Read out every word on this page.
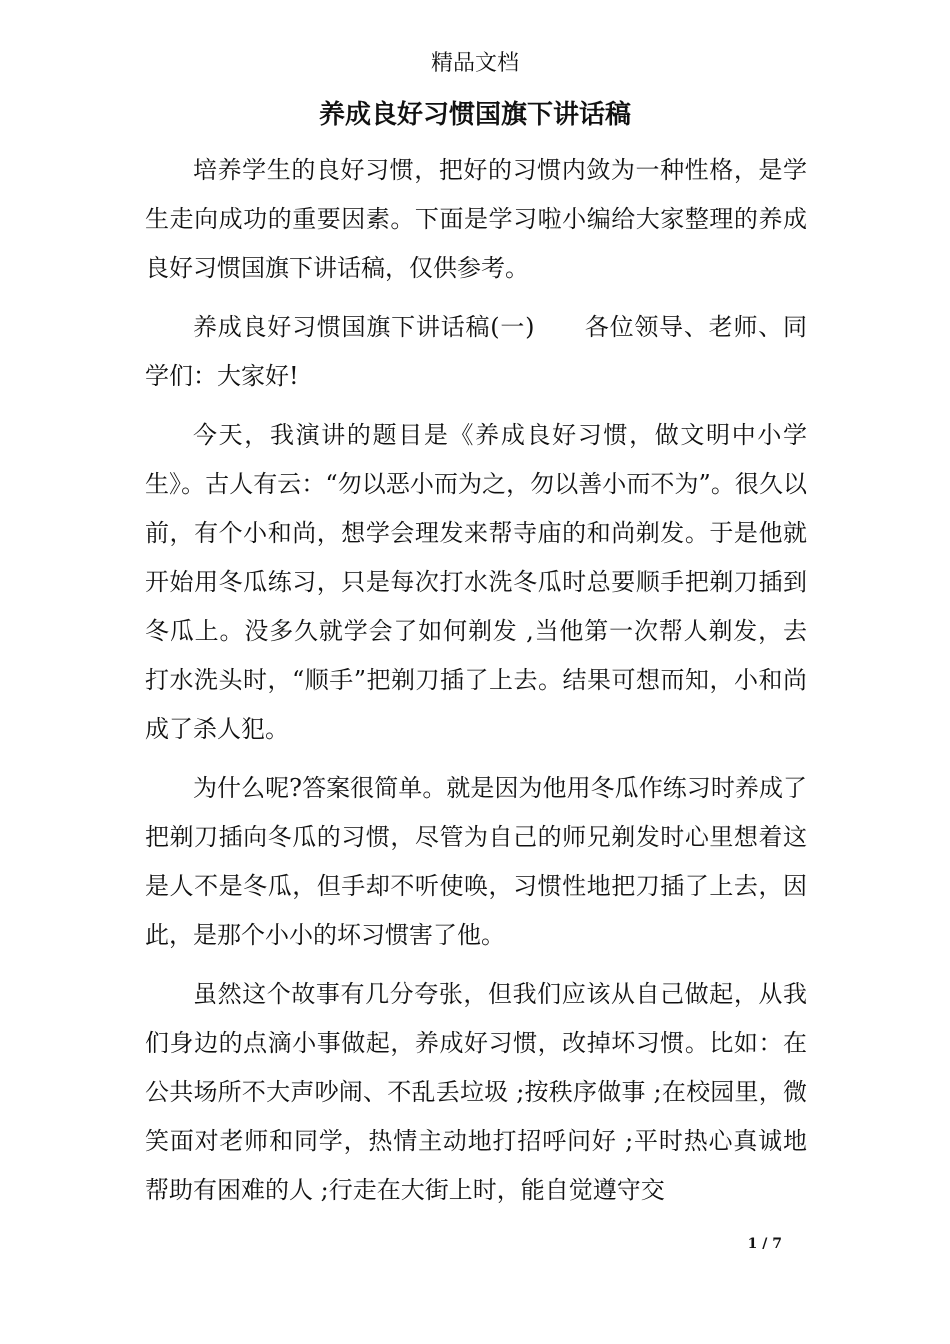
精品文档
养成良好习惯国旗下讲话稿

培养学生的良好习惯，把好的习惯内敛为一种性格，是学生走向成功的重要因素。下面是学习啦小编给大家整理的养成良好习惯国旗下讲话稿，仅供参考。

养成良好习惯国旗下讲话稿(一)　　各位领导、老师、同学们：大家好!

今天，我演讲的题目是《养成良好习惯，做文明中小学生》。古人有云：“勿以恶小而为之，勿以善小而不为”。很久以前，有个小和尚，想学会理发来帮寺庙的和尚剃发。于是他就开始用冬瓜练习，只是每次打水洗冬瓜时总要顺手把剃刀插到冬瓜上。没多久就学会了如何剃发 ,当他第一次帮人剃发，去打水洗头时，“顺手”把剃刀插了上去。结果可想而知，小和尚成了杀人犯。

为什么呢?答案很简单。就是因为他用冬瓜作练习时养成了把剃刀插向冬瓜的习惯，尽管为自己的师兄剃发时心里想着这是人不是冬瓜，但手却不听使唤，习惯性地把刀插了上去，因此，是那个小小的坏习惯害了他。

虽然这个故事有几分夸张，但我们应该从自己做起，从我们身边的点滴小事做起，养成好习惯，改掉坏习惯。比如：在公共场所不大声吵闹、不乱丢垃圾 ;按秩序做事 ;在校园里，微笑面对老师和同学，热情主动地打招呼问好 ;平时热心真诚地帮助有困难的人 ;行走在大街上时，能自觉遵守交

1 / 7
